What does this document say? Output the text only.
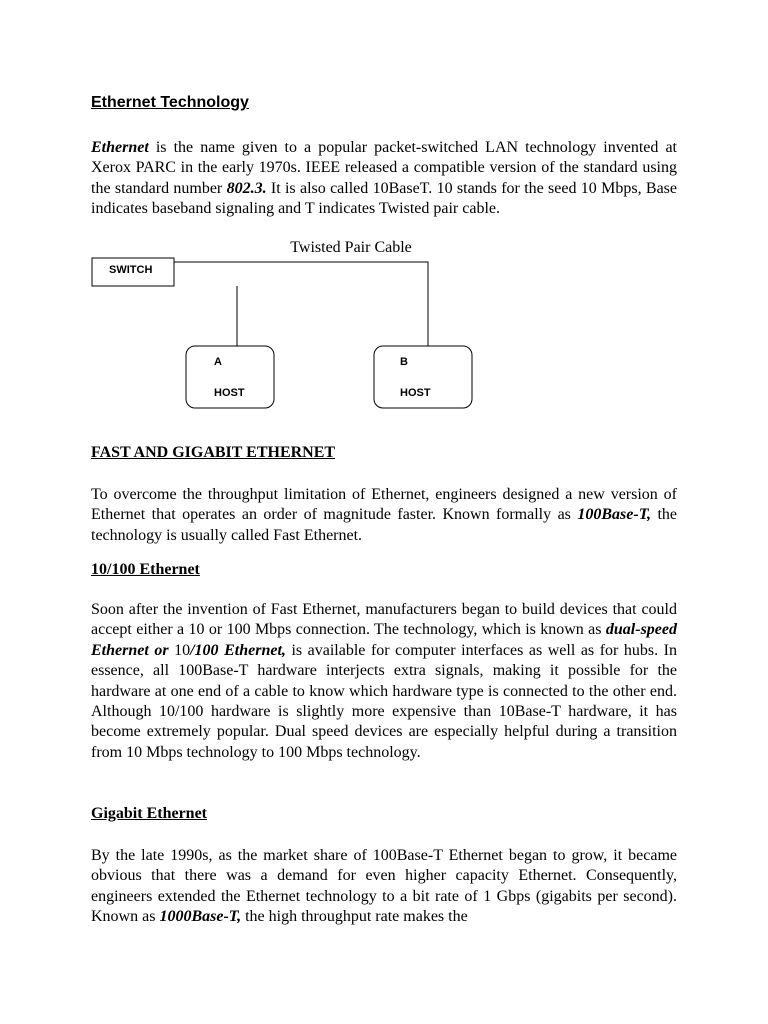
Ethernet Technology

Ethernet is the name given to a popular packet-switched LAN technology invented at Xerox PARC in the early 1970s. IEEE released a compatible version of the standard using the standard number 802.3. It is also called 10BaseT. 10 stands for the seed 10 Mbps, Base indicates baseband signaling and T indicates Twisted pair cable.

Twisted Pair Cable
SWITCH
A
HOST
B
HOST
FAST AND GIGABIT ETHERNET

To overcome the throughput limitation of Ethernet, engineers designed a new version of Ethernet that operates an order of magnitude faster. Known formally as 100Base-T, the technology is usually called Fast Ethernet.

10/100 Ethernet

Soon after the invention of Fast Ethernet, manufacturers began to build devices that could accept either a 10 or 100 Mbps connection. The technology, which is known as dual-speed Ethernet or 10/100 Ethernet, is available for computer interfaces as well as for hubs. In essence, all 100Base-T hardware interjects extra signals, making it possible for the hardware at one end of a cable to know which hardware type is connected to the other end. Although 10/100 hardware is slightly more expensive than 10Base-T hardware, it has become extremely popular. Dual speed devices are especially helpful during a transition from 10 Mbps technology to 100 Mbps technology.

Gigabit Ethernet

By the late 1990s, as the market share of 100Base-T Ethernet began to grow, it became obvious that there was a demand for even higher capacity Ethernet. Consequently, engineers extended the Ethernet technology to a bit rate of 1 Gbps (gigabits per second). Known as 1000Base-T, the high throughput rate makes the
